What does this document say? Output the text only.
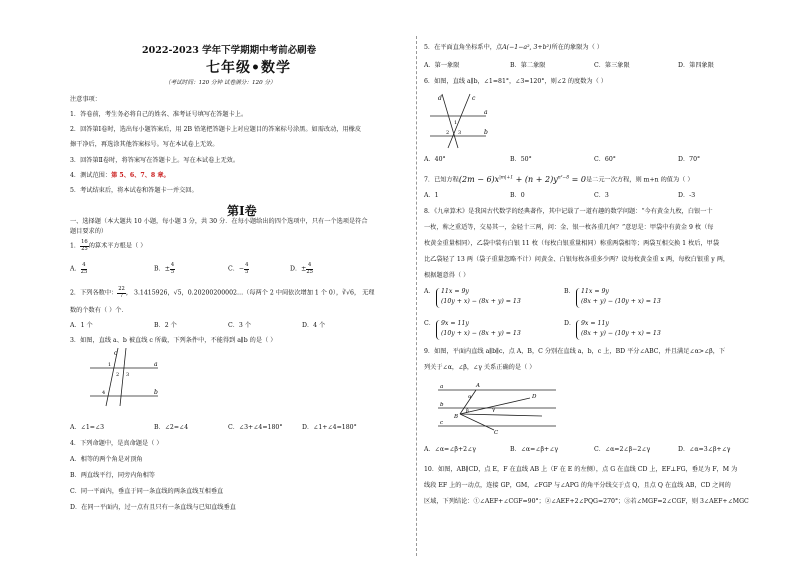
2022-2023 学年下学期期中考前必刷卷
七年级•数学
（考试时间：120 分钟 试卷满分：120 分）
注意事项：
1．答卷前，考生务必将自己的姓名、准考证号填写在答题卡上。
2．回答第Ⅰ卷时，选出每小题答案后，用 2B 铅笔把答题卡上对应题目的答案标号涂黑。如需改动，用橡皮
擦干净后，再选涂其他答案标号。写在本试卷上无效。
3．回答第Ⅱ卷时，将答案写在答题卡上。写在本试卷上无效。
4．测试范围：第 5、6、7、8 章。
5．考试结束后，将本试卷和答题卡一并交回。
第Ⅰ卷
一、选择题（本大题共 10 小题，每小题 3 分，共 30 分．在每小题给出的四个选项中，只有一个选项是符合
题目要求的）
1． $\frac{16}{25}$ 的算术平方根是（ ）
A． $\frac{4}{25}$	B．± $\frac{4}{5}$	C．− $\frac{4}{5}$	D．± $\frac{4}{25}$
2．下列各数中： $\frac{22}{7}$ ， 3.1415926，√5，0.20200200002…（每两个 2 中间依次增加 1 个 0），∛√6， 无理
数的个数有（ ）个．
A．1 个	B．2 个	C．3 个	D．4 个
3．如图，直线 a、b 被直线 c 所截，下列条件中，不能得到 a∥b 的是（ ）
c
a
b
1
2 3
4
A．∠1=∠3	B．∠2=∠4	C．∠3+∠4=180°	D．∠1+∠4=180°
4．下列命题中，是真命题是（ ）
A．相等的两个角是对顶角
B．两直线平行，同旁内角相等
C．同一平面内，垂直于同一条直线的两条直线互相垂直
D．在同一平面内，过一点有且只有一条直线与已知直线垂直
5．在平面直角坐标系中，点A(−1−a², 3+b²)所在的象限为（ ）
A．第一象限	B．第二象限	C．第三象限	D．第四象限
6．如图，直线 a∥b，∠1=81°，∠3=120°，则∠2 的度数为（ ）
d	c
a
b
1
2 3
A．40°	B．50°	C．60°	D．70°
7．已知方程$(2m - 6)x^{|m|+1} + (n + 2)y^{n^2-8} = 0$是二元一次方程，则 m+n 的值为（ ）
A．1	B．0	C．3	D．-3
8．《九章算术》是我国古代数学的经典著作，其中记载了一道有趣的数学问题：“今有黄金九枚，白银一十
一枚，称之重适等，交易其一，金轻十三两，问：金、银一枚各重几何？”意思是：甲袋中有黄金 9 枚（每
枚黄金重量相同），乙袋中装有白银 11 枚（每枚白银重量相同）称重两袋相等；两袋互相交换 1 枚后，甲袋
比乙袋轻了 13 两（袋子重量忽略不计）问黄金、白银每枚各重多少两？设每枚黄金重 x 两，每枚白银重 y 两，
根据题意得（ ）
A． 11x = 9y
(10y + x) − (8x + y) = 13
B． 11x = 9y
(8x + y) − (10y + x) = 13
C． 9x = 11y
(10y + x) − (8x + y) = 13
D． 9x = 11y
(8x + y) − (10y + x) = 13
9．如图，平面内直线 a∥b∥c，点 A，B，C 分别在直线 a，b，c 上，BD 平分∠ABC，并且满足∠α>∠β，下
列关于∠α，∠β，∠γ 关系正确的是（ ）
a
b
c
A
B
C
D
α
β	γ
A．∠α=∠β+2∠γ	B．∠α=∠β+∠γ	C．∠α=2∠β−2∠γ	D．∠α=3∠β+∠γ
10．如图，AB∥CD，点 E，F 在直线 AB 上（F 在 E 的左侧），点 G 在直线 CD 上，EF⊥FG，垂足为 F，M 为
线段 EF 上的一动点，连接 GP，GM，∠FGP 与∠APG 的角平分线交于点 Q，且点 Q 在直线 AB，CD 之间的
区域，下列结论：①∠AEF+∠CGF=90°；②∠AEF+2∠PQG=270°；③若∠MGF=2∠CGF，则 3∠AEF+∠MGC
